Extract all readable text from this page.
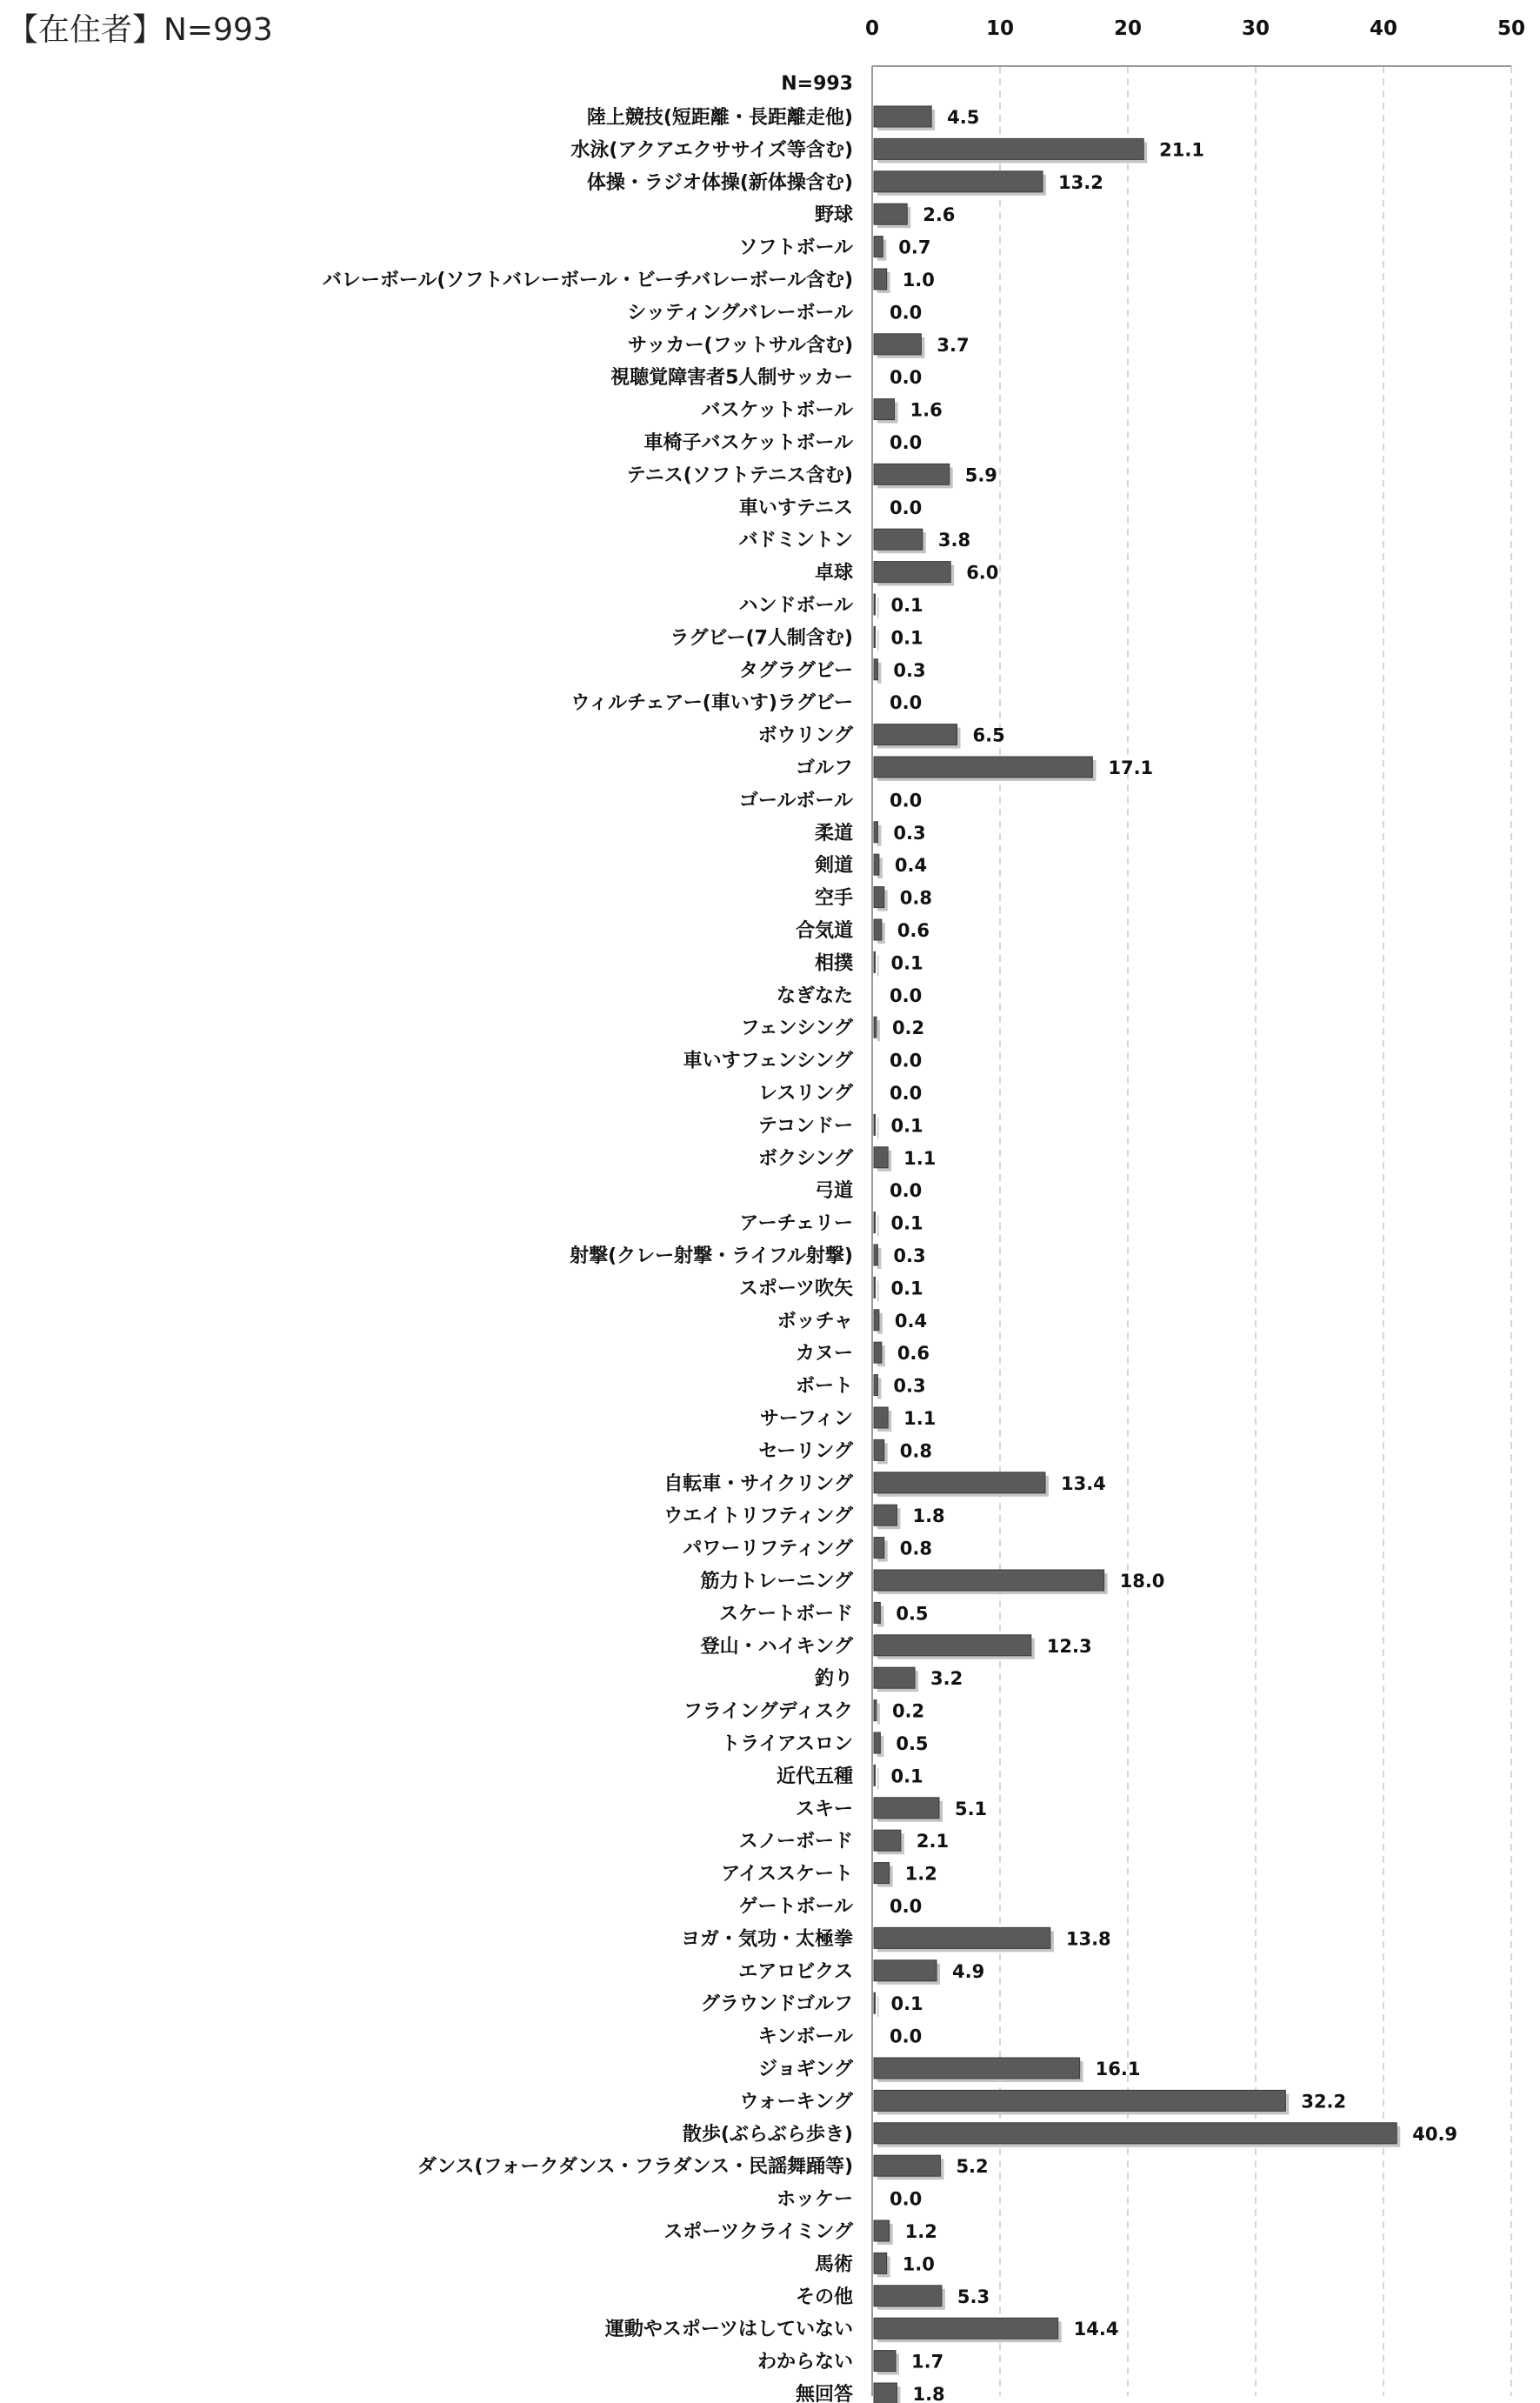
【在住者】N=993	0	10	20	30	40	50
N=993
陸上競技(短距離・長距離走他)	4.5
水泳(アクアエクササイズ等含む)	21.1
体操・ラジオ体操(新体操含む)	13.2
野球	2.6
ソフトボール 0.7
バレーボール(ソフトバレーボール・ビーチバレーボール含む)	1.0
シッティングバレーボール 0.0
サッカー(フットサル含む)	3.7
視聴覚障害者5人制サッカー 0.0
バスケットボール	1.6
車椅子バスケットボール 0.0
テニス(ソフトテニス含む)	5.9
車いすテニス 0.0
バドミントン	3.8
卓球	6.0
ハンドボール 0.1
ラグビー(7人制含む) 0.1
タグラグビー 0.3
ウィルチェアー(車いす)ラグビー 0.0
ボウリング	6.5
ゴルフ	17.1
ゴールボール 0.0
柔道 0.3
剣道 0.4
空手	0.8
合気道 0.6
相撲 0.1
なぎなた 0.0
フェンシング 0.2
車いすフェンシング 0.0
レスリング 0.0
テコンドー 0.1
ボクシング	1.1
弓道 0.0
アーチェリー 0.1
射撃(クレー射撃・ライフル射撃) 0.3
スポーツ吹矢 0.1
ボッチャ 0.4
カヌー 0.6
ボート 0.3
サーフィン	1.1
セーリング	0.8
自転車・サイクリング	13.4
ウエイトリフティング	1.8
パワーリフティング	0.8
筋力トレーニング	18.0
スケートボード 0.5
登山・ハイキング	12.3
釣り	3.2
フライングディスク 0.2
トライアスロン 0.5
近代五種 0.1
スキー	5.1
スノーボード	2.1
アイススケート	1.2
ゲートボール 0.0
ヨガ・気功・太極拳	13.8
エアロビクス	4.9
グラウンドゴルフ 0.1
キンボール 0.0
ジョギング	16.1
ウォーキング	32.2
散歩(ぶらぶら歩き)	40.9
ダンス(フォークダンス・フラダンス・民謡舞踊等)	5.2
ホッケー 0.0
スポーツクライミング	1.2
馬術	1.0
その他	5.3
運動やスポーツはしていない	14.4
わからない	1.7
無回答	1.8
